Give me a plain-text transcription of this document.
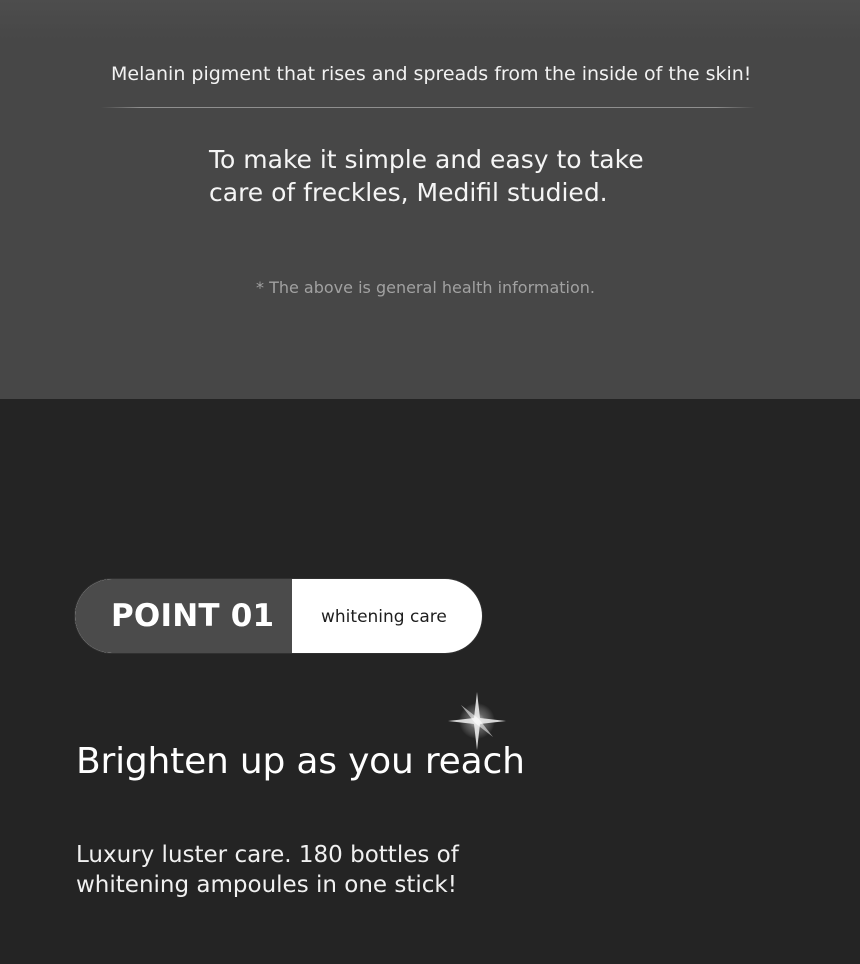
Melanin pigment that rises and spreads from the inside of the skin!
To make it simple and easy to take
care of freckles, Medifil studied.
* The above is general health information.
POINT 01	whitening care
Brighten up as you reach
Luxury luster care. 180 bottles of
whitening ampoules in one stick!
